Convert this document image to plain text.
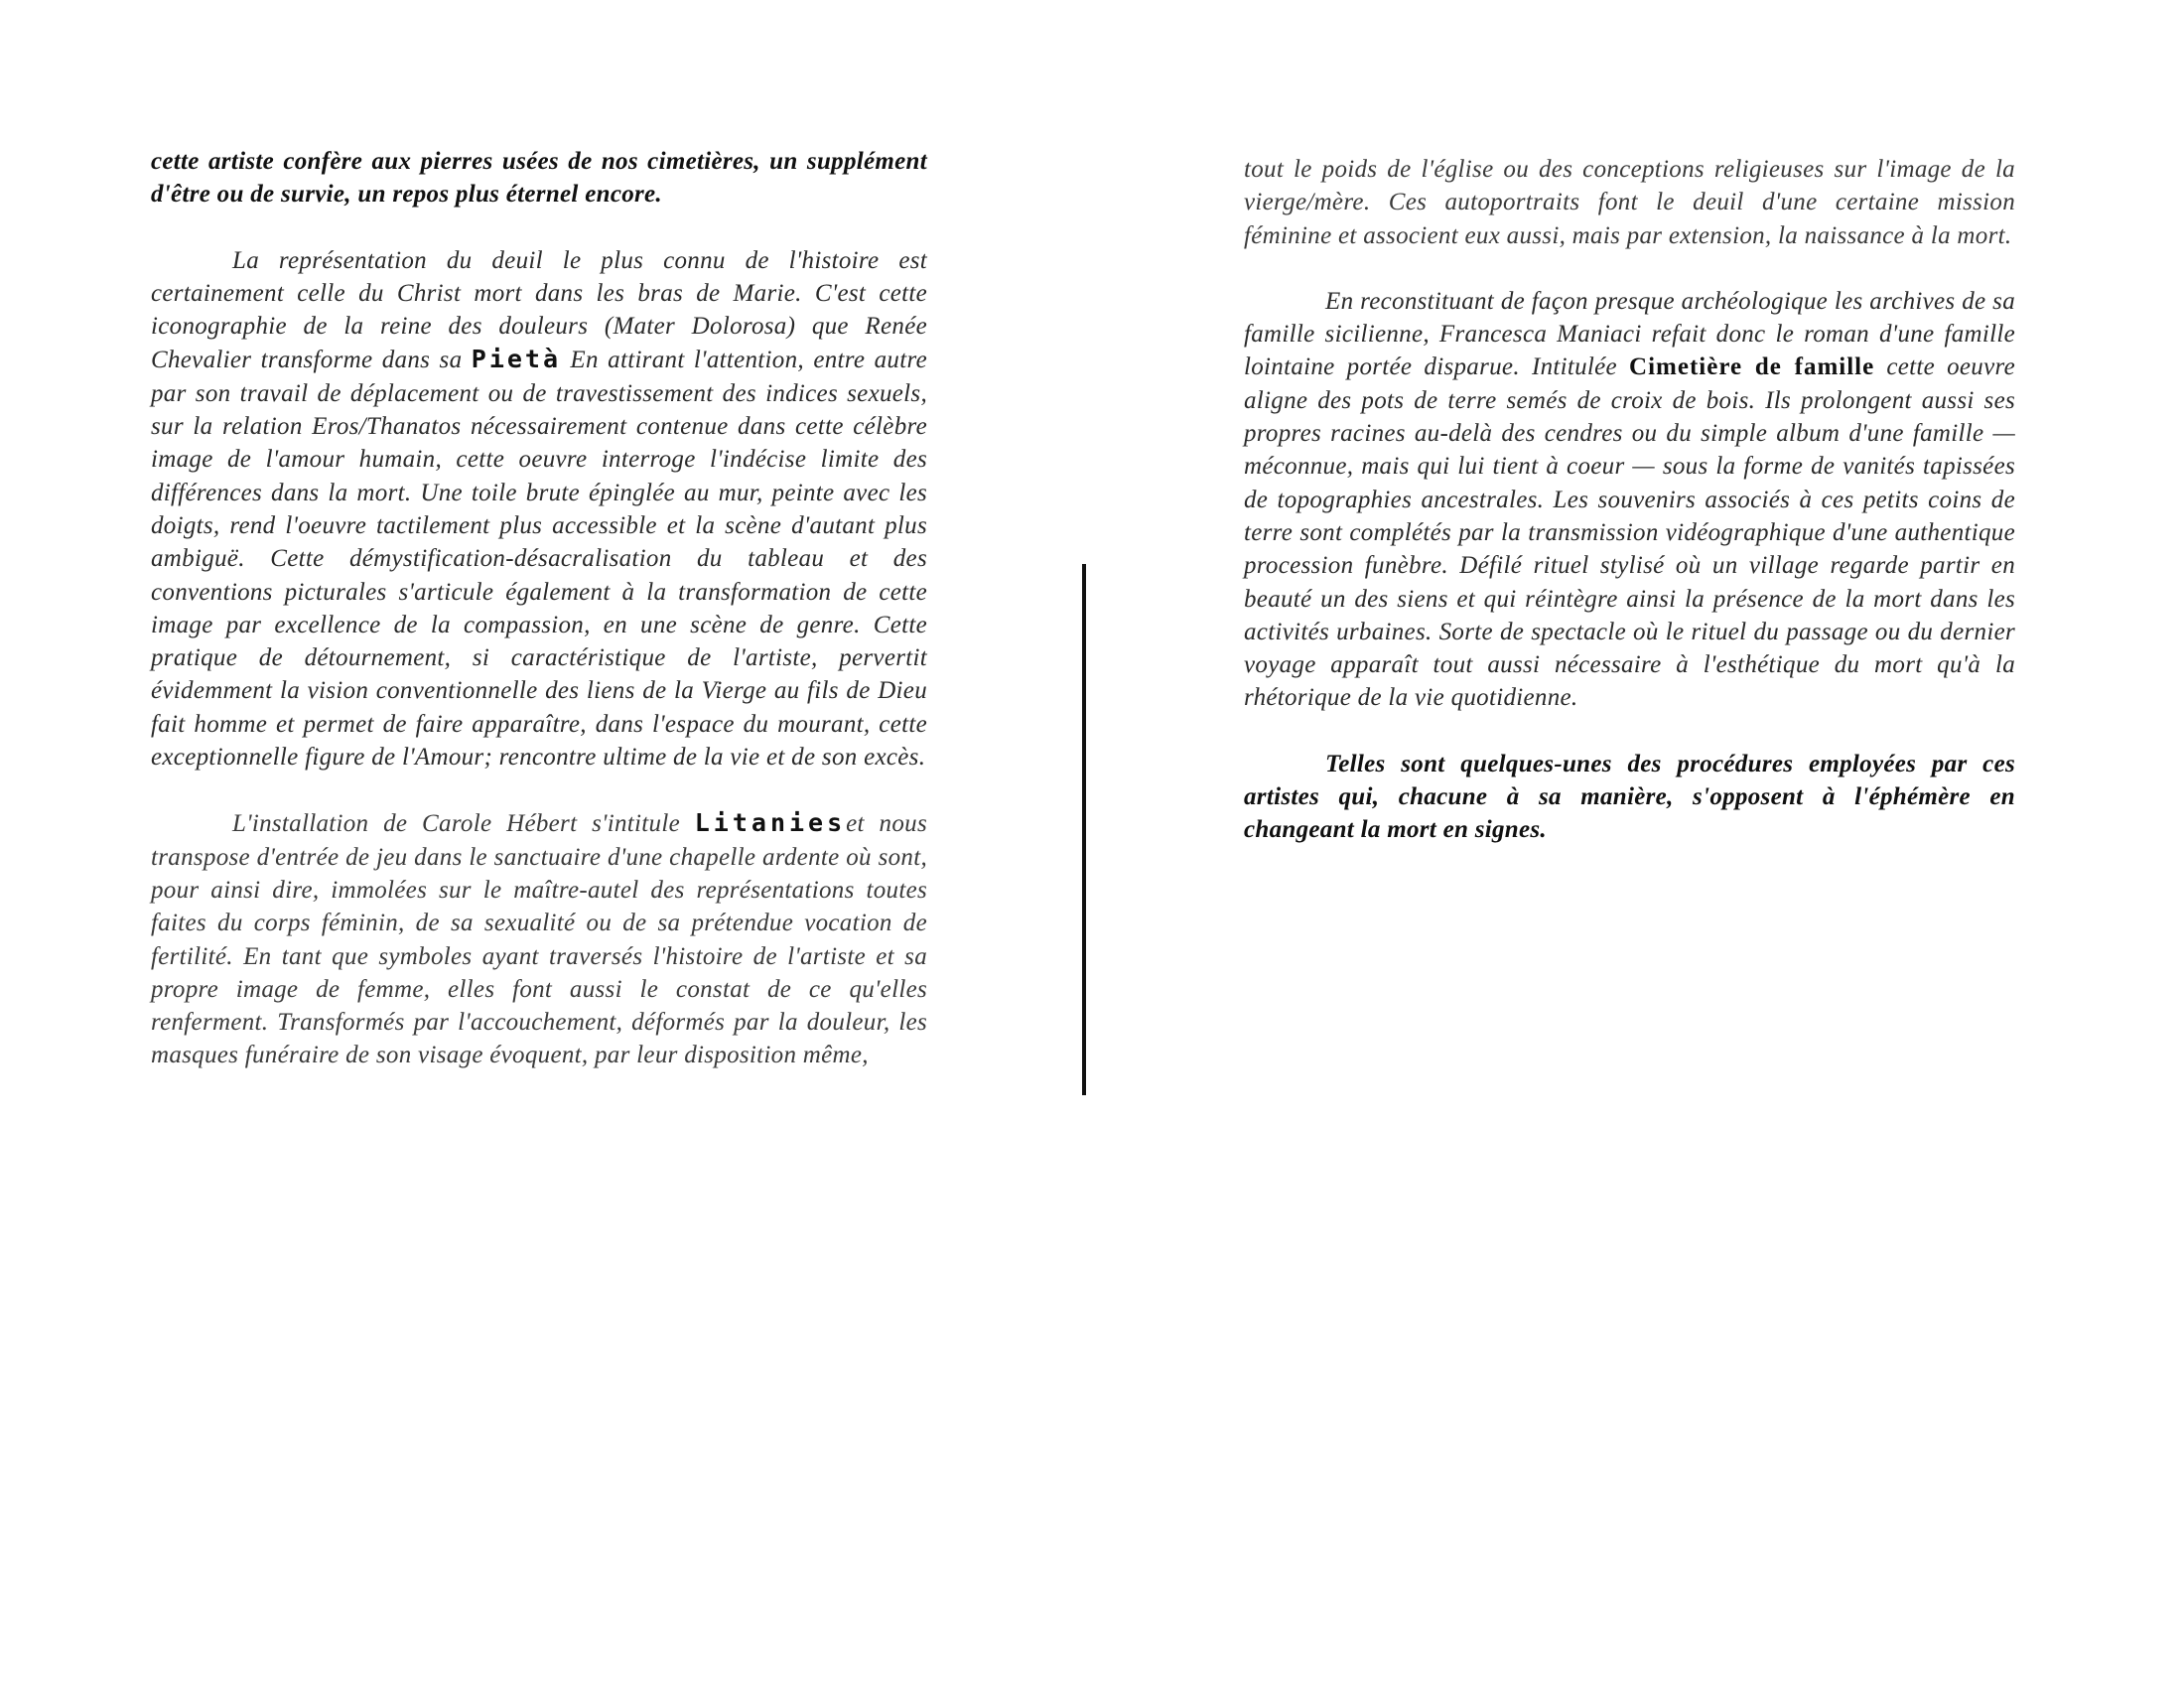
cette artiste confère aux pierres usées de nos cimetières, un supplément d'être ou de survie, un repos plus éternel encore.

La représentation du deuil le plus connu de l'histoire est certainement celle du Christ mort dans les bras de Marie. C'est cette iconographie de la reine des douleurs (Mater Dolorosa) que Renée Chevalier transforme dans sa Pietà En attirant l'attention, entre autre par son travail de déplacement ou de travestissement des indices sexuels, sur la relation Eros/Thanatos nécessairement contenue dans cette célèbre image de l'amour humain, cette oeuvre interroge l'indécise limite des différences dans la mort. Une toile brute épinglée au mur, peinte avec les doigts, rend l'oeuvre tactilement plus accessible et la scène d'autant plus ambiguë. Cette démystification-désacralisation du tableau et des conventions picturales s'articule également à la transformation de cette image par excellence de la compassion, en une scène de genre. Cette pratique de détournement, si caractéristique de l'artiste, pervertit évidemment la vision conventionnelle des liens de la Vierge au fils de Dieu fait homme et permet de faire apparaître, dans l'espace du mourant, cette exceptionnelle figure de l'Amour; rencontre ultime de la vie et de son excès.

L'installation de Carole Hébert s'intitule Litanieset nous transpose d'entrée de jeu dans le sanctuaire d'une chapelle ardente où sont, pour ainsi dire, immolées sur le maître-autel des représentations toutes faites du corps féminin, de sa sexualité ou de sa prétendue vocation de fertilité. En tant que symboles ayant traversés l'histoire de l'artiste et sa propre image de femme, elles font aussi le constat de ce qu'elles renferment. Transformés par l'accouchement, déformés par la douleur, les masques funéraire de son visage évoquent, par leur disposition même,

tout le poids de l'église ou des conceptions religieuses sur l'image de la vierge/mère. Ces autoportraits font le deuil d'une certaine mission féminine et associent eux aussi, mais par extension, la naissance à la mort.

En reconstituant de façon presque archéologique les archives de sa famille sicilienne, Francesca Maniaci refait donc le roman d'une famille lointaine portée disparue. Intitulée Cimetière de famille cette oeuvre aligne des pots de terre semés de croix de bois. Ils prolongent aussi ses propres racines au-delà des cendres ou du simple album d'une famille — méconnue, mais qui lui tient à coeur — sous la forme de vanités tapissées de topographies ancestrales. Les souvenirs associés à ces petits coins de terre sont complétés par la transmission vidéographique d'une authentique procession funèbre. Défilé rituel stylisé où un village regarde partir en beauté un des siens et qui réintègre ainsi la présence de la mort dans les activités urbaines. Sorte de spectacle où le rituel du passage ou du dernier voyage apparaît tout aussi nécessaire à l'esthétique du mort qu'à la rhétorique de la vie quotidienne.

Telles sont quelques-unes des procédures employées par ces artistes qui, chacune à sa manière, s'opposent à l'éphémère en changeant la mort en signes.
